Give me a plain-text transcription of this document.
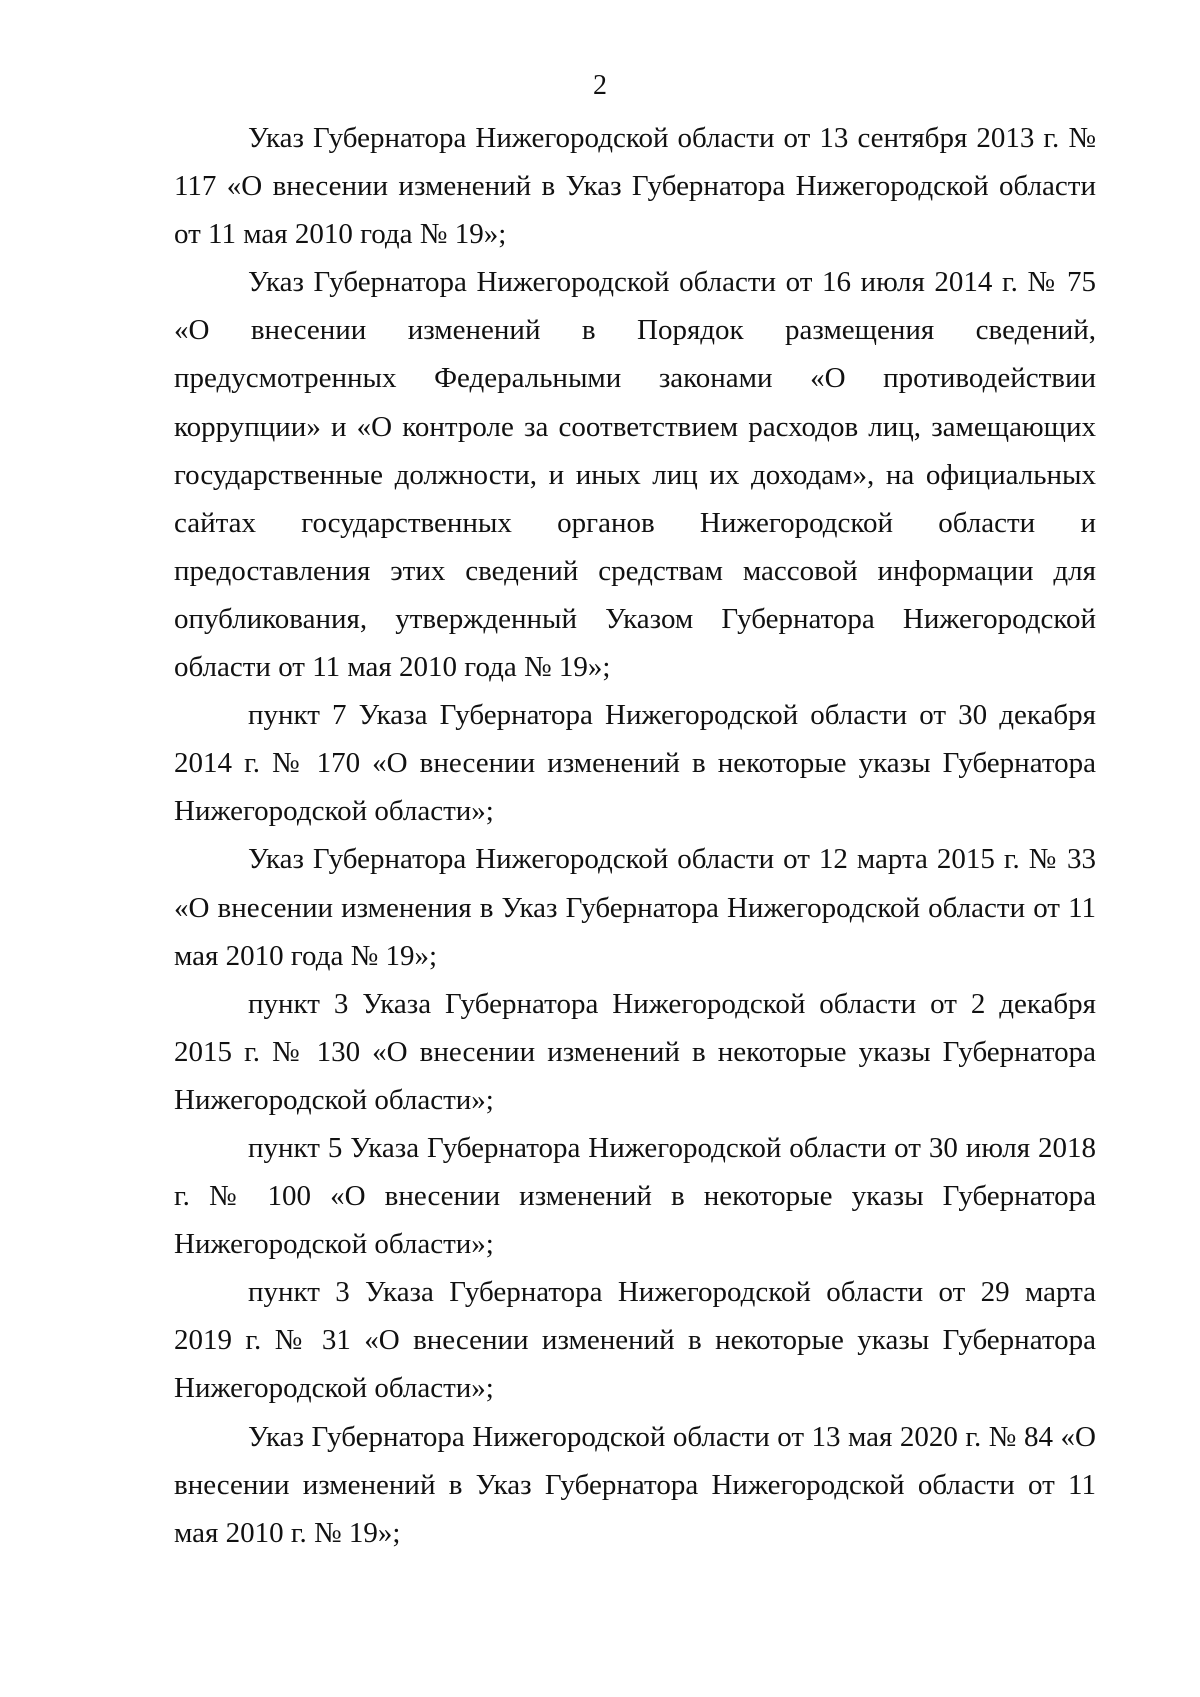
2

Указ Губернатора Нижегородской области от 13 сентября 2013 г. № 117 «О внесении изменений в Указ Губернатора Нижегородской области от 11 мая 2010 года № 19»;

Указ Губернатора Нижегородской области от 16 июля 2014 г. № 75 «О внесении изменений в Порядок размещения сведений, предусмотренных Федеральными законами «О противодействии коррупции» и «О контроле за соответствием расходов лиц, замещающих государственные должности, и иных лиц их доходам», на официальных сайтах государственных органов Нижегородской области и предоставления этих сведений средствам массовой информации для опубликования, утвержденный Указом Губернатора Нижегородской области от 11 мая 2010 года № 19»;

пункт 7 Указа Губернатора Нижегородской области от 30 декабря 2014 г. № 170 «О внесении изменений в некоторые указы Губернатора Нижегородской области»;

Указ Губернатора Нижегородской области от 12 марта 2015 г. № 33 «О внесении изменения в Указ Губернатора Нижегородской области от 11 мая 2010 года № 19»;

пункт 3 Указа Губернатора Нижегородской области от 2 декабря 2015 г. № 130 «О внесении изменений в некоторые указы Губернатора Нижегородской области»;

пункт 5 Указа Губернатора Нижегородской области от 30 июля 2018 г. № 100 «О внесении изменений в некоторые указы Губернатора Нижегородской области»;

пункт 3 Указа Губернатора Нижегородской области от 29 марта 2019 г. № 31 «О внесении изменений в некоторые указы Губернатора Нижегородской области»;

Указ Губернатора Нижегородской области от 13 мая 2020 г. № 84 «О внесении изменений в Указ Губернатора Нижегородской области от 11 мая 2010 г. № 19»;
